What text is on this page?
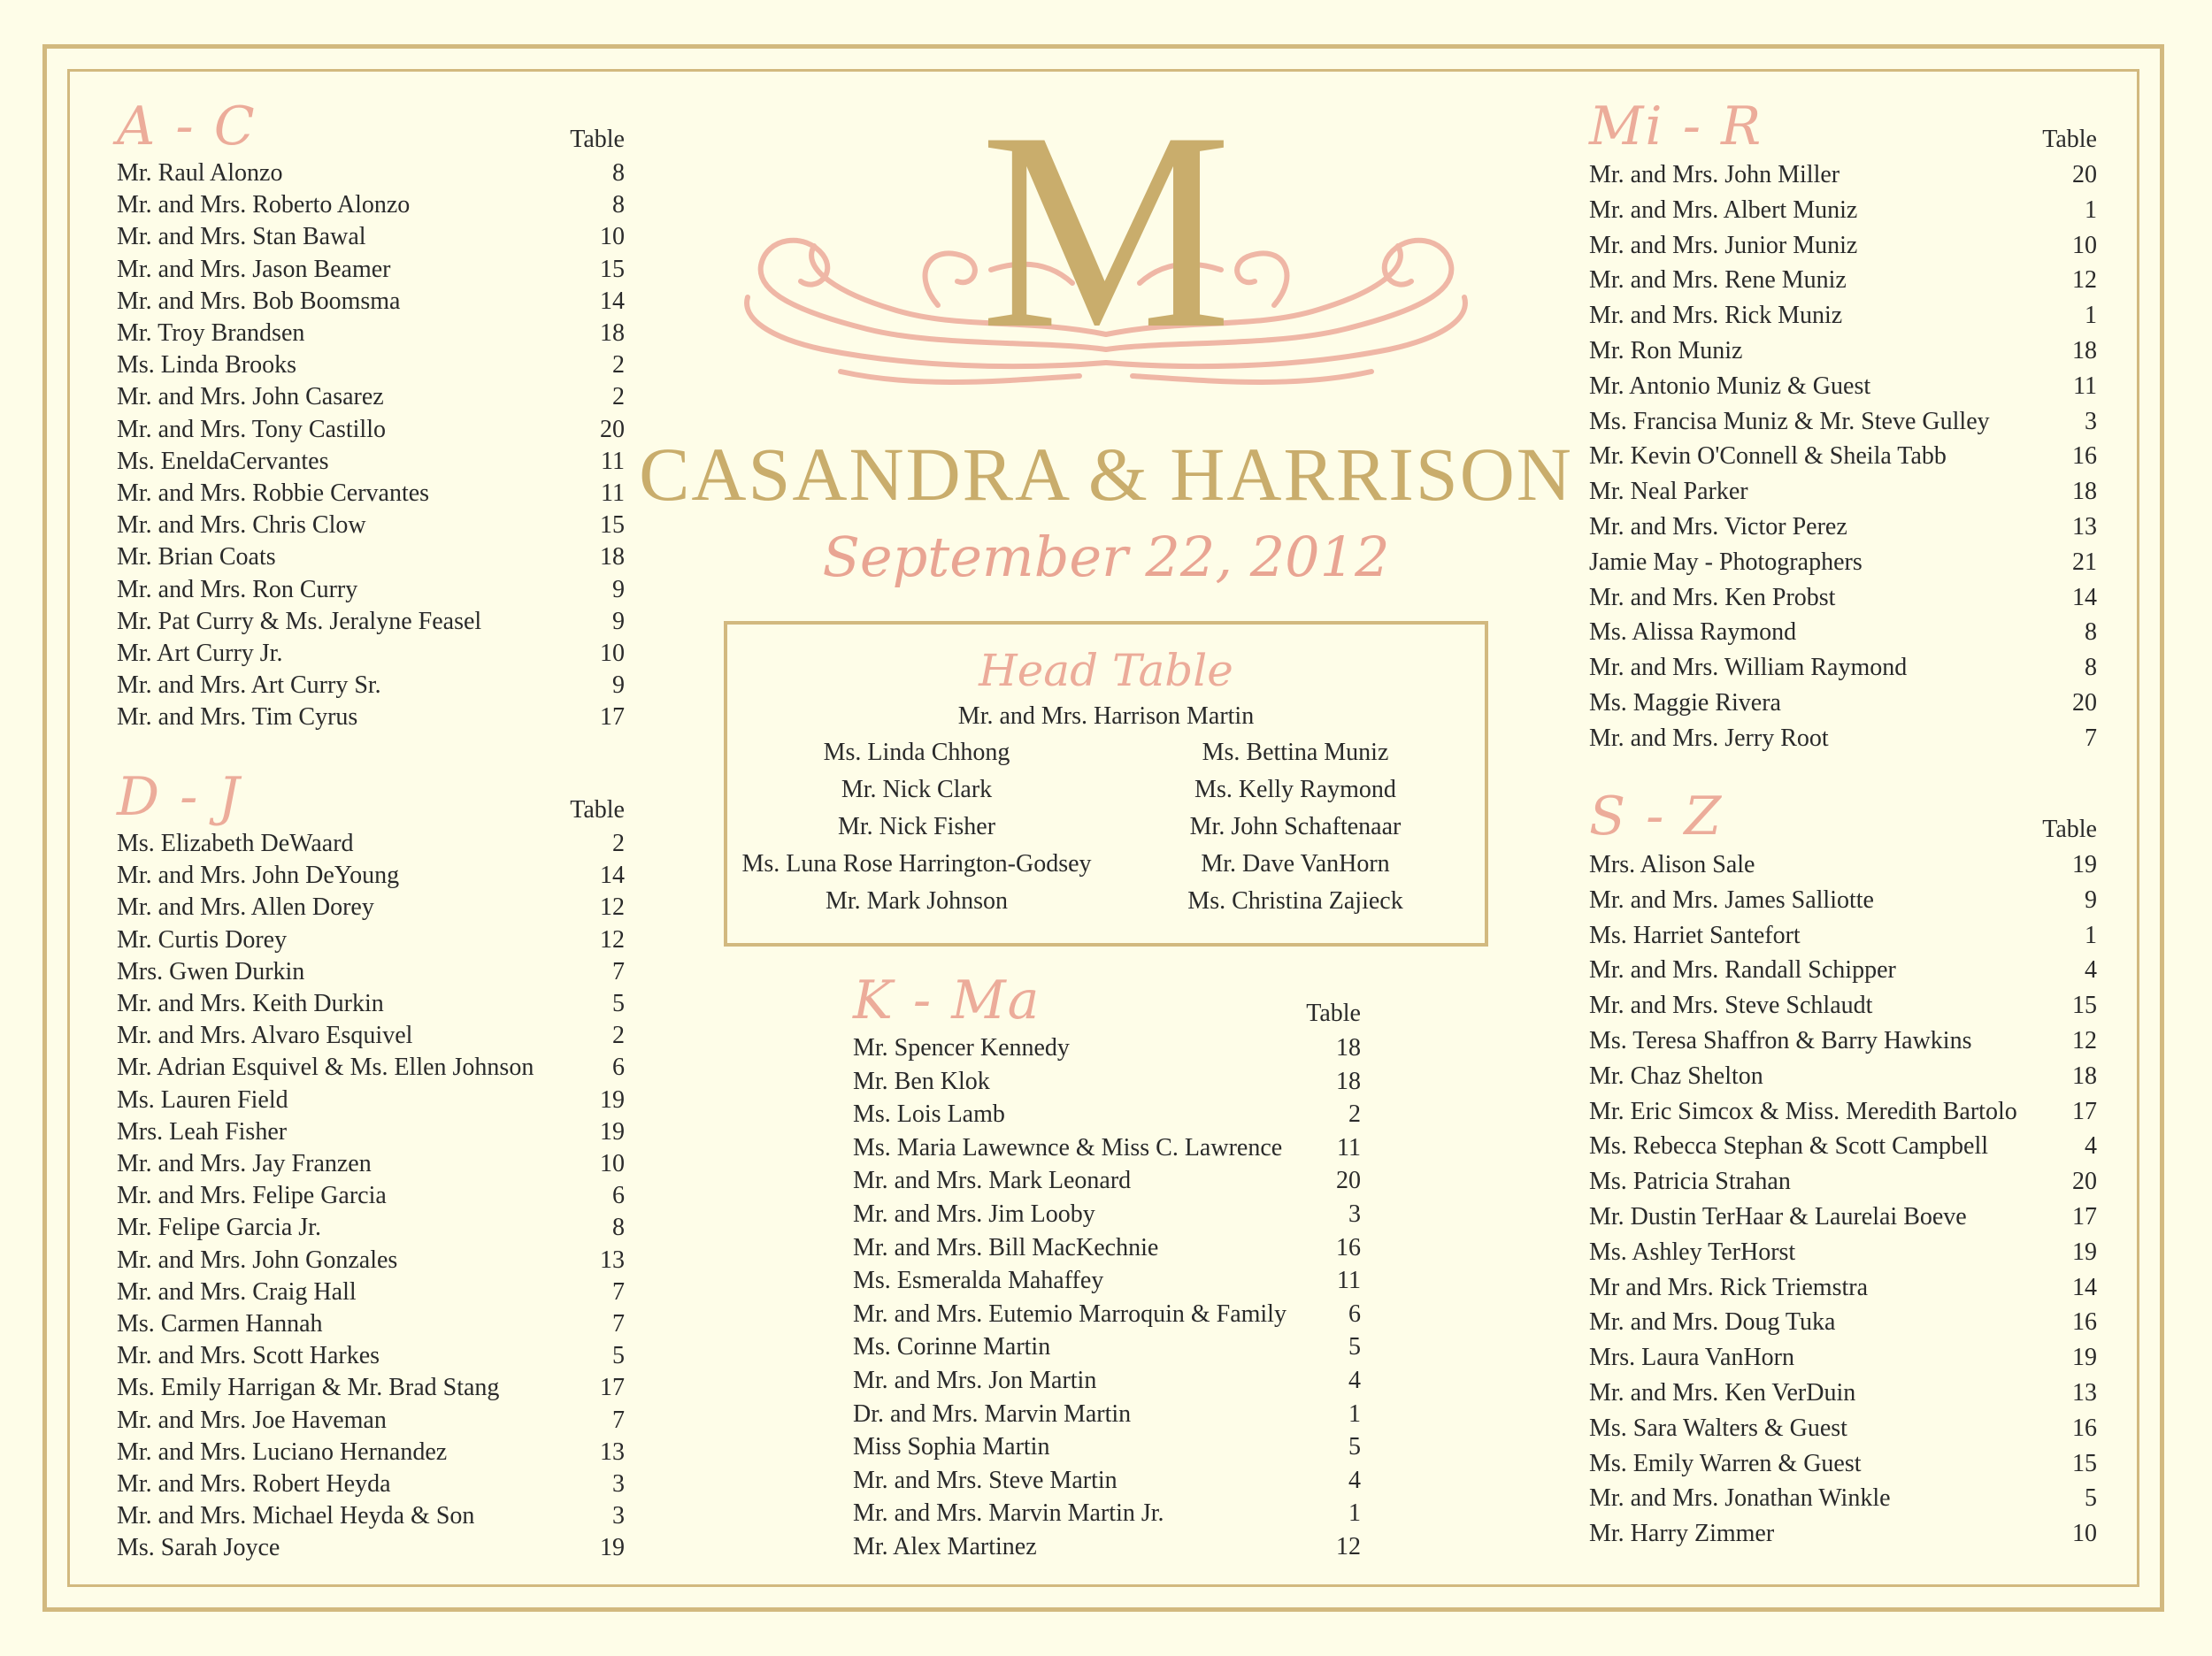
M
CASANDRA & HARRISON
September 22, 2012
Head Table
Mr. and Mrs. Harrison Martin
Ms. Linda Chhong
Mr. Nick Clark
Mr. Nick Fisher
Ms. Luna Rose Harrington-Godsey
Mr. Mark Johnson
Ms. Bettina Muniz
Ms. Kelly Raymond
Mr. John Schaftenaar
Mr. Dave VanHorn
Ms. Christina Zajieck
A - C	Table
Mr. Raul Alonzo	8
Mr. and Mrs. Roberto Alonzo	8
Mr. and Mrs. Stan Bawal	10
Mr. and Mrs. Jason Beamer	15
Mr. and Mrs. Bob Boomsma	14
Mr. Troy Brandsen	18
Ms. Linda Brooks	2
Mr. and Mrs. John Casarez	2
Mr. and Mrs. Tony Castillo	20
Ms. EneldaCervantes	11
Mr. and Mrs. Robbie Cervantes	11
Mr. and Mrs. Chris Clow	15
Mr. Brian Coats	18
Mr. and Mrs. Ron Curry	9
Mr. Pat Curry & Ms. Jeralyne Feasel	9
Mr. Art Curry Jr.	10
Mr. and Mrs. Art Curry Sr.	9
Mr. and Mrs. Tim Cyrus	17
D - J	Table
Ms. Elizabeth DeWaard	2
Mr. and Mrs. John DeYoung	14
Mr. and Mrs. Allen Dorey	12
Mr. Curtis Dorey	12
Mrs. Gwen Durkin	7
Mr. and Mrs. Keith Durkin	5
Mr. and Mrs. Alvaro Esquivel	2
Mr. Adrian Esquivel & Ms. Ellen Johnson	6
Ms. Lauren Field	19
Mrs. Leah Fisher	19
Mr. and Mrs. Jay Franzen	10
Mr. and Mrs. Felipe Garcia	6
Mr. Felipe Garcia Jr.	8
Mr. and Mrs. John Gonzales	13
Mr. and Mrs. Craig Hall	7
Ms. Carmen Hannah	7
Mr. and Mrs. Scott Harkes	5
Ms. Emily Harrigan & Mr. Brad Stang	17
Mr. and Mrs. Joe Haveman	7
Mr. and Mrs. Luciano Hernandez	13
Mr. and Mrs. Robert Heyda	3
Mr. and Mrs. Michael Heyda & Son	3
Ms. Sarah Joyce	19
K - Ma	Table
Mr. Spencer Kennedy	18
Mr. Ben Klok	18
Ms. Lois Lamb	2
Ms. Maria Lawewnce & Miss C. Lawrence 11
Mr. and Mrs. Mark Leonard	20
Mr. and Mrs. Jim Looby	3
Mr. and Mrs. Bill MacKechnie	16
Ms. Esmeralda Mahaffey	11
Mr. and Mrs. Eutemio Marroquin & Family	6
Ms. Corinne Martin	5
Mr. and Mrs. Jon Martin	4
Dr. and Mrs. Marvin Martin	1
Miss Sophia Martin	5
Mr. and Mrs. Steve Martin	4
Mr. and Mrs. Marvin Martin Jr.	1
Mr. Alex Martinez	12
Mi - R	Table
Mr. and Mrs. John Miller	20
Mr. and Mrs. Albert Muniz	1
Mr. and Mrs. Junior Muniz	10
Mr. and Mrs. Rene Muniz	12
Mr. and Mrs. Rick Muniz	1
Mr. Ron Muniz	18
Mr. Antonio Muniz & Guest	11
Ms. Francisa Muniz & Mr. Steve Gulley	3
Mr. Kevin O'Connell & Sheila Tabb	16
Mr. Neal Parker	18
Mr. and Mrs. Victor Perez	13
Jamie May - Photographers	21
Mr. and Mrs. Ken Probst	14
Ms. Alissa Raymond	8
Mr. and Mrs. William Raymond	8
Ms. Maggie Rivera	20
Mr. and Mrs. Jerry Root	7
S - Z	Table
Mrs. Alison Sale	19
Mr. and Mrs. James Salliotte	9
Ms. Harriet Santefort	1
Mr. and Mrs. Randall Schipper	4
Mr. and Mrs. Steve Schlaudt	15
Ms. Teresa Shaffron & Barry Hawkins	12
Mr. Chaz Shelton	18
Mr. Eric Simcox & Miss. Meredith Bartolo 17
Ms. Rebecca Stephan & Scott Campbell	4
Ms. Patricia Strahan	20
Mr. Dustin TerHaar & Laurelai Boeve	17
Ms. Ashley TerHorst	19
Mr and Mrs. Rick Triemstra	14
Mr. and Mrs. Doug Tuka	16
Mrs. Laura VanHorn	19
Mr. and Mrs. Ken VerDuin	13
Ms. Sara Walters & Guest	16
Ms. Emily Warren & Guest	15
Mr. and Mrs. Jonathan Winkle	5
Mr. Harry Zimmer	10
